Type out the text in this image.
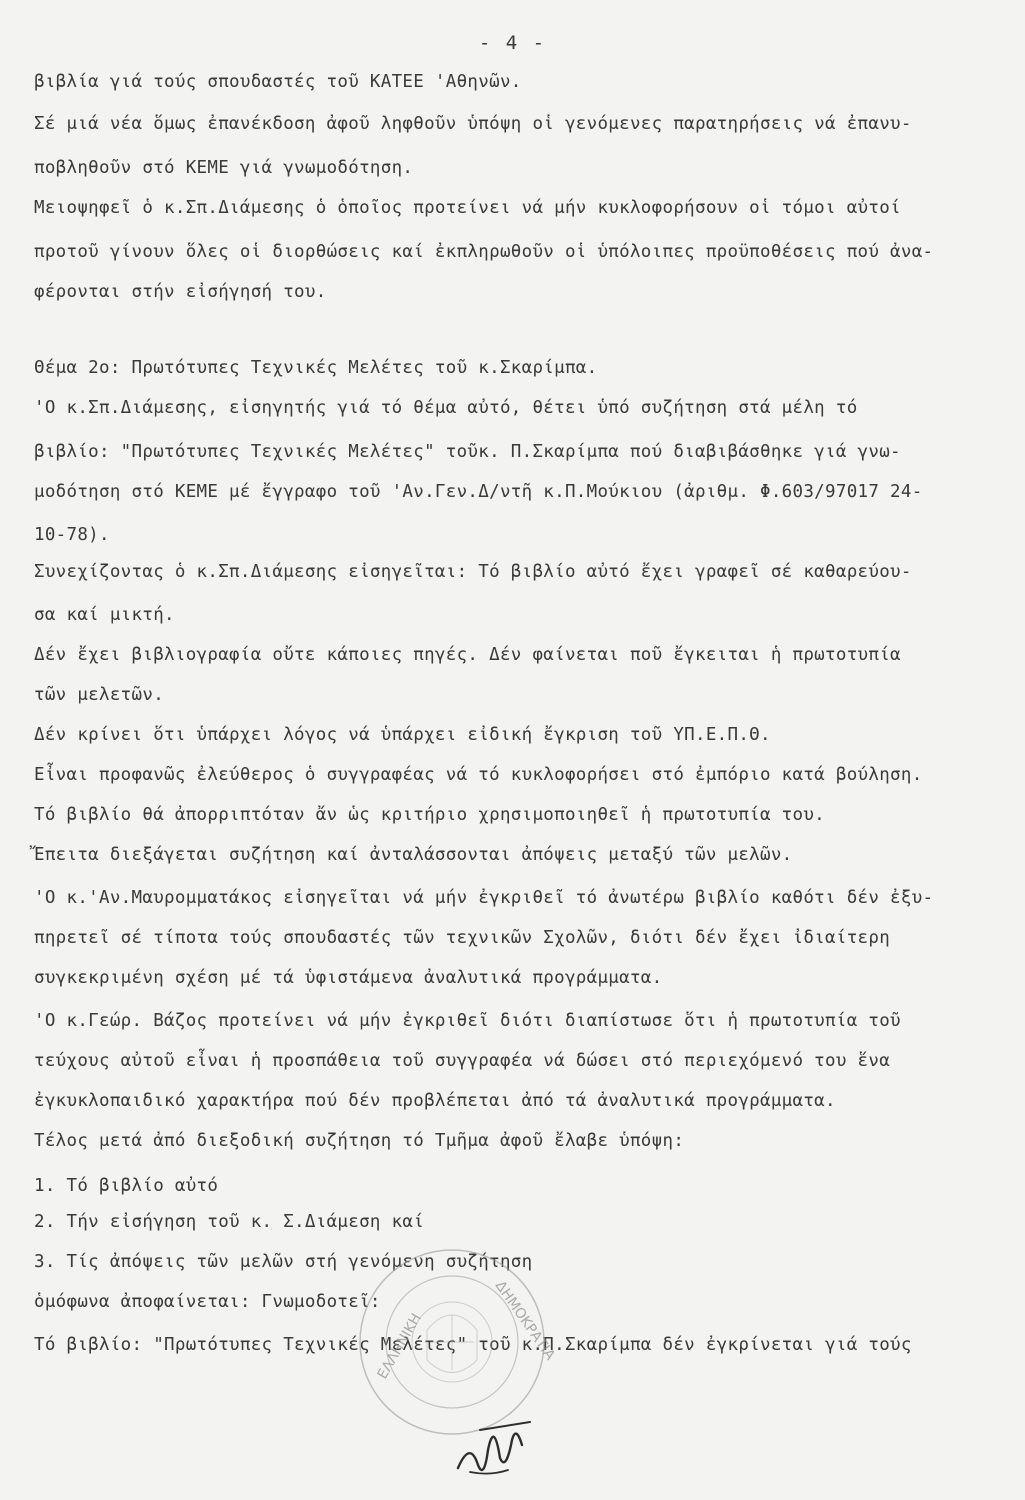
- 4 -
βιβλία γιά τούς σπουδαστές τοῦ ΚΑΤΕΕ 'Αθηνῶν.
Σέ μιά νέα ὅμως ἐπανέκδοση ἀφοῦ ληφθοῦν ὑπόψη οἱ γενόμενες παρατηρήσεις νά ἐπανυ-
ποβληθοῦν στό ΚΕΜΕ γιά γνωμοδότηση.
Μειοψηφεῖ ὁ κ.Σπ.Διάμεσης ὁ ὁποῖος προτείνει νά μήν κυκλοφορήσουν οἱ τόμοι αὐτοί
προτοῦ γίνουν ὅλες οἱ διορθώσεις καί ἐκπληρωθοῦν οἱ ὑπόλοιπες προϋποθέσεις πού ἀνα-
φέρονται στήν εἰσήγησή του.
Θέμα 2ο: Πρωτότυπες Τεχνικές Μελέτες τοῦ κ.Σκαρίμπα.
'Ο κ.Σπ.Διάμεσης, εἰσηγητής γιά τό θέμα αὐτό, θέτει ὑπό συζήτηση στά μέλη τό
βιβλίο: "Πρωτότυπες Τεχνικές Μελέτες" τοῦκ. Π.Σκαρίμπα πού διαβιβάσθηκε γιά γνω-
μοδότηση στό ΚΕΜΕ μέ ἔγγραφο τοῦ 'Αν.Γεν.Δ/ντῆ κ.Π.Μούκιου (ἀριθμ. Φ.603/97017 24-
10-78).
Συνεχίζοντας ὁ κ.Σπ.Διάμεσης εἰσηγεῖται: Τό βιβλίο αὐτό ἔχει γραφεῖ σέ καθαρεύου-
σα καί μικτή.
Δέν ἔχει βιβλιογραφία οὔτε κάποιες πηγές. Δέν φαίνεται ποῦ ἔγκειται ἡ πρωτοτυπία
τῶν μελετῶν.
Δέν κρίνει ὅτι ὑπάρχει λόγος νά ὑπάρχει εἰδική ἔγκριση τοῦ ΥΠ.Ε.Π.Θ.
Εἶναι προφανῶς ἐλεύθερος ὁ συγγραφέας νά τό κυκλοφορήσει στό ἐμπόριο κατά βούληση.
Τό βιβλίο θά ἀπορριπτόταν ἄν ὡς κριτήριο χρησιμοποιηθεῖ ἡ πρωτοτυπία του.
Ἔπειτα διεξάγεται συζήτηση καί ἀνταλάσσονται ἀπόψεις μεταξύ τῶν μελῶν.
'Ο κ.'Αν.Μαυρομματάκος εἰσηγεῖται νά μήν ἐγκριθεῖ τό ἀνωτέρω βιβλίο καθότι δέν ἐξυ-
πηρετεῖ σέ τίποτα τούς σπουδαστές τῶν τεχνικῶν Σχολῶν, διότι δέν ἔχει ἰδιαίτερη
συγκεκριμένη σχέση μέ τά ὑφιστάμενα ἀναλυτικά προγράμματα.
'Ο κ.Γεώρ. Βάζος προτείνει νά μήν ἐγκριθεῖ διότι διαπίστωσε ὅτι ἡ πρωτοτυπία τοῦ
τεύχους αὐτοῦ εἶναι ἡ προσπάθεια τοῦ συγγραφέα νά δώσει στό περιεχόμενό του ἕνα
ἐγκυκλοπαιδικό χαρακτήρα πού δέν προβλέπεται ἀπό τά ἀναλυτικά προγράμματα.
Τέλος μετά ἀπό διεξοδική συζήτηση τό Τμῆμα ἀφοῦ ἔλαβε ὑπόψη:
1. Τό βιβλίο αὐτό
2. Τήν εἰσήγηση τοῦ κ. Σ.Διάμεση καί
3. Τίς ἀπόψεις τῶν μελῶν στή γενόμενη συζήτηση
ὁμόφωνα ἀποφαίνεται: Γνωμοδοτεῖ:
Τό βιβλίο: "Πρωτότυπες Τεχνικές Μελέτες" τοῦ κ.Π.Σκαρίμπα δέν ἐγκρίνεται γιά τούς
ΕΛΛΗΝΙΚΗ	ΔΗΜΟΚΡΑΤΙΑ
